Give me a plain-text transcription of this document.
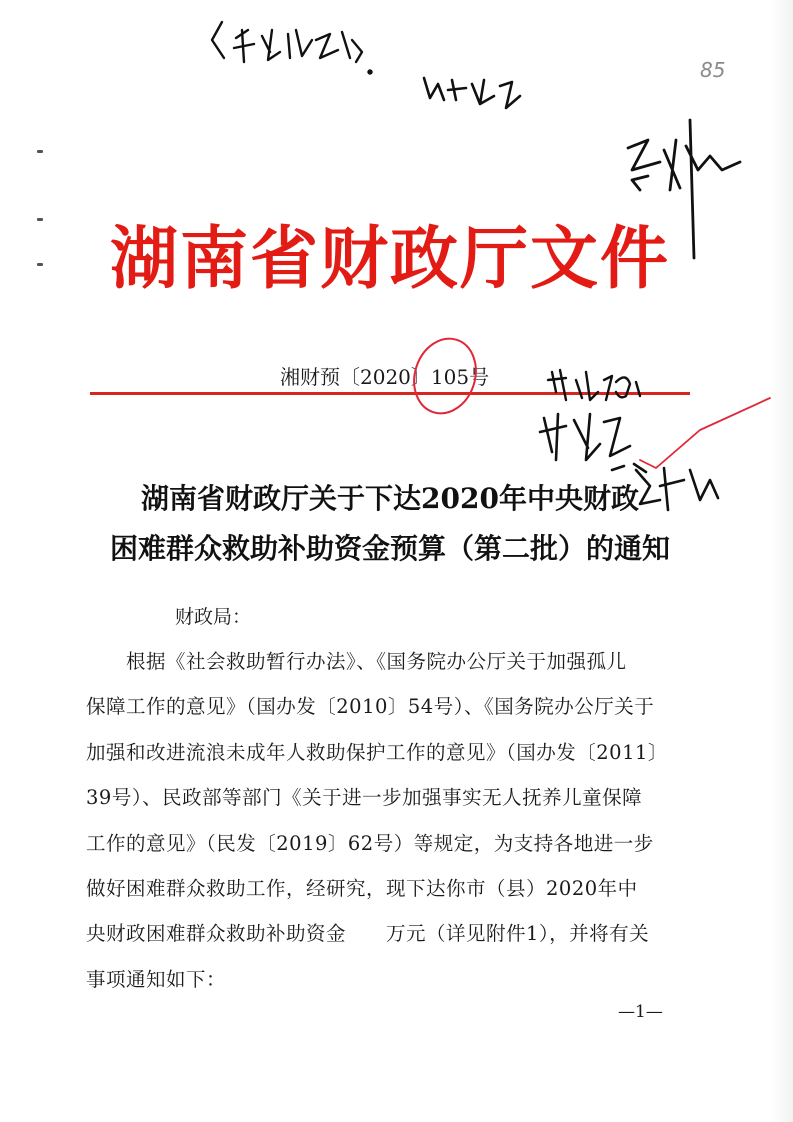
85
湖南省财政厅文件
湘财预〔2020〕105号
湖南省财政厅关于下达2020年中央财政
困难群众救助补助资金预算（第二批）的通知
财政局：
根据《社会救助暂行办法》、《国务院办公厅关于加强孤儿
保障工作的意见》（国办发〔2010〕54号）、《国务院办公厅关于
加强和改进流浪未成年人救助保护工作的意见》（国办发〔2011〕
39号）、民政部等部门《关于进一步加强事实无人抚养儿童保障
工作的意见》（民发〔2019〕62号）等规定，为支持各地进一步
做好困难群众救助工作，经研究，现下达你市（县）2020年中
央财政困难群众救助补助资金　　万元（详见附件1），并将有关
事项通知如下：
—1—
